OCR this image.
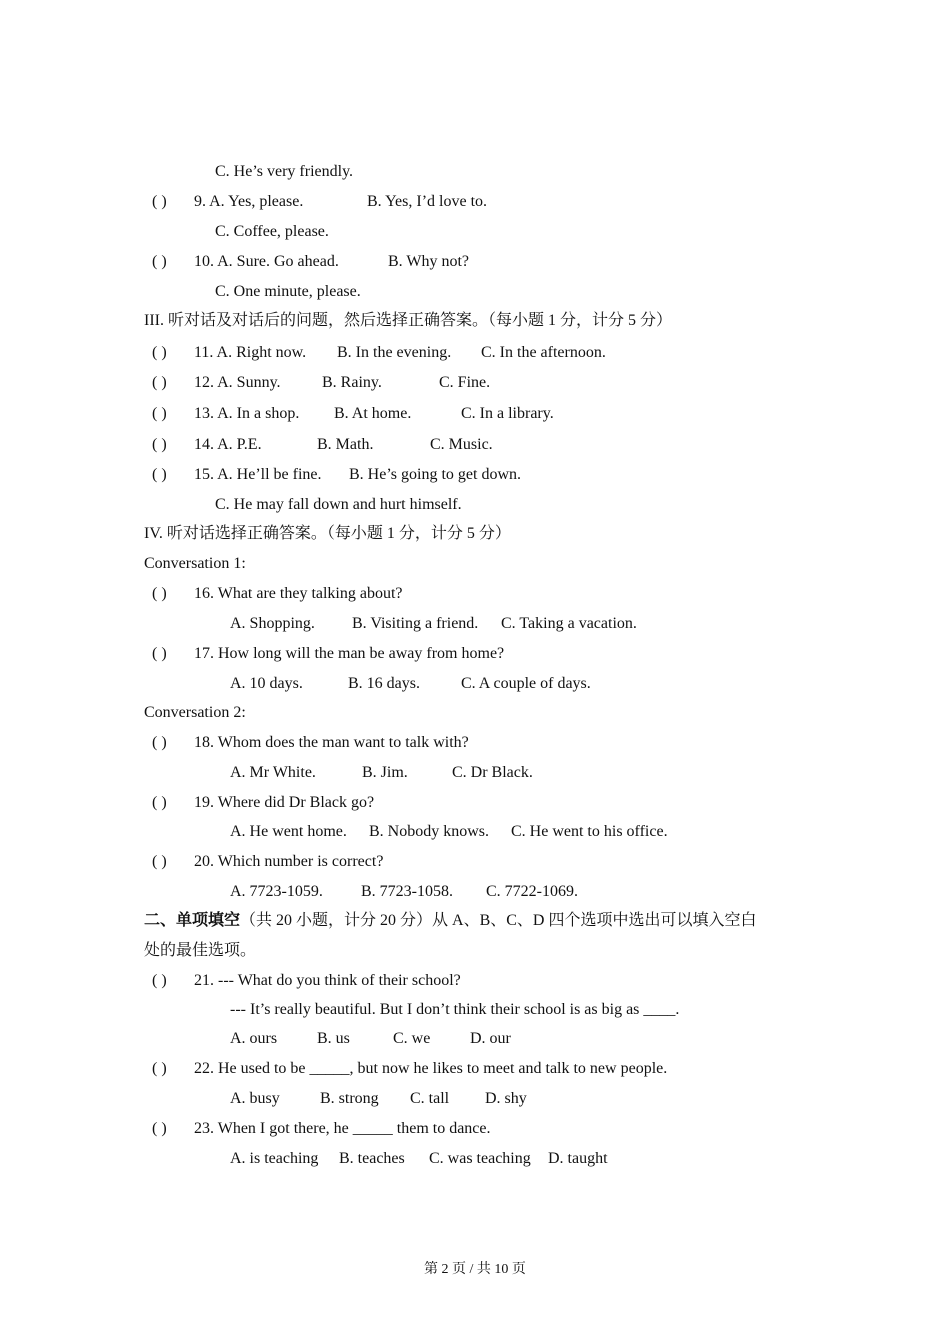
C. He’s very friendly.
( ) 9. A. Yes, please.	B. Yes, I’d love to.
C. Coffee, please.
( ) 10. A. Sure. Go ahead.	B. Why not?
C. One minute, please.
III. 听对话及对话后的问题，然后选择正确答案。（每小题 1 分，计分 5 分）
( ) 11. A. Right now. B. In the evening. C. In the afternoon.
( ) 12. A. Sunny.	B. Rainy.	C. Fine.
( ) 13. A. In a shop. B. At home.	C. In a library.
( ) 14. A. P.E.	B. Math.	C. Music.
( ) 15. A. He’ll be fine. B. He’s going to get down.
C. He may fall down and hurt himself.
IV. 听对话选择正确答案。（每小题 1 分，计分 5 分）
Conversation 1:
( ) 16. What are they talking about?
A. Shopping. B. Visiting a friend. C. Taking a vacation.
( ) 17. How long will the man be away from home?
A. 10 days.	B. 16 days.	C. A couple of days.
Conversation 2:
( ) 18. Whom does the man want to talk with?
A. Mr White.	B. Jim.	C. Dr Black.
( ) 19. Where did Dr Black go?
A. He went home. B. Nobody knows. C. He went to his office.
( ) 20. Which number is correct?
A. 7723-1059. B. 7723-1058. C. 7722-1069.
二、单项填空（共 20 小题，计分 20 分）从 A、B、C、D 四个选项中选出可以填入空白
处的最佳选项。
( ) 21. --- What do you think of their school?
--- It’s really beautiful. But I don’t think their school is as big as ____.
A. ours B. us	C. we D. our
( ) 22. He used to be _____, but now he likes to meet and talk to new people.
A. busy	B. strong C. tall D. shy
( ) 23. When I got there, he _____ them to dance.
A. is teaching B. teaches C. was teaching D. taught
第 2 页 / 共 10 页
